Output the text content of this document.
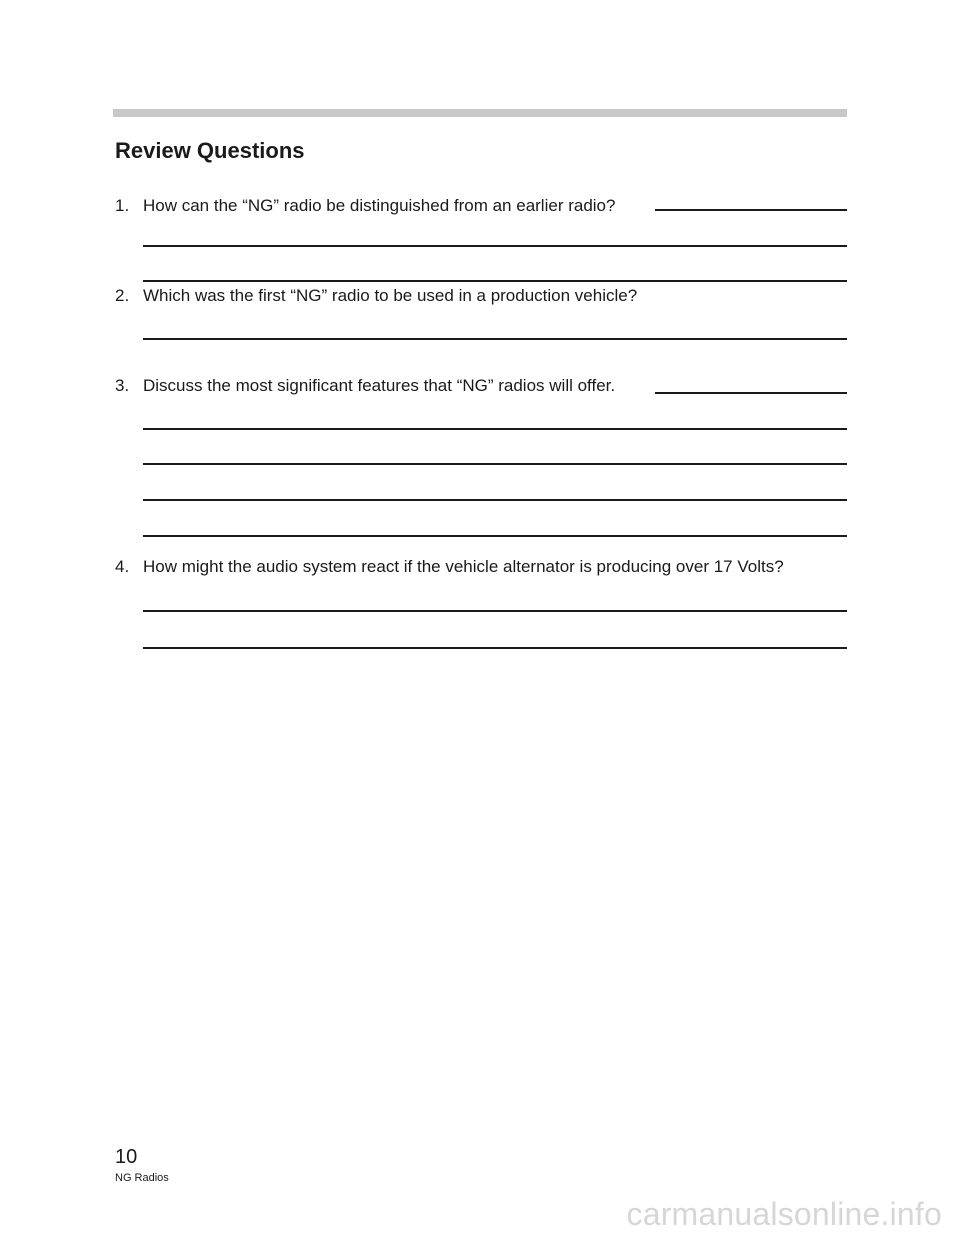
Review Questions
1. How can the “NG” radio be distinguished from an earlier radio?
2. Which was the first “NG” radio to be used in a production vehicle?
3. Discuss the most significant features that “NG” radios will offer.
4. How might the audio system react if the vehicle alternator is producing over 17 Volts?
10
NG Radios
carmanualsonline.info
